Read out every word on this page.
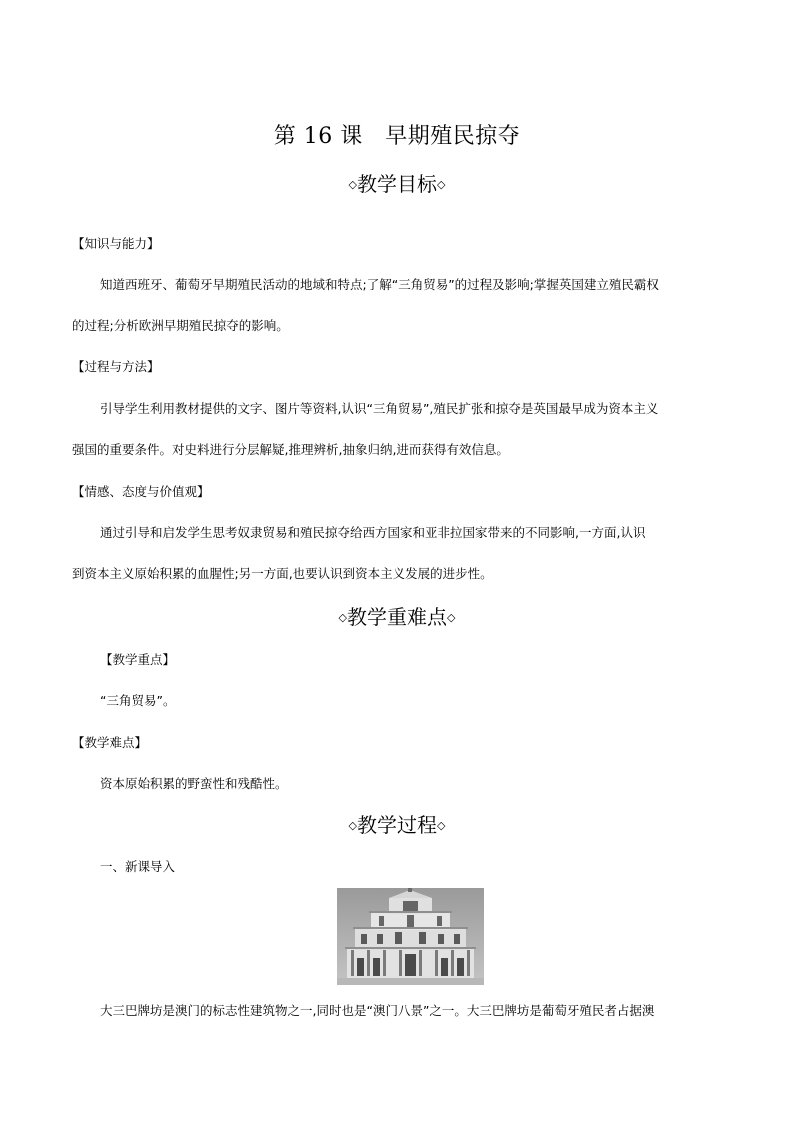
第 16 课　早期殖民掠夺
◇教学目标◇
【知识与能力】
知道西班牙、葡萄牙早期殖民活动的地域和特点;了解“三角贸易”的过程及影响;掌握英国建立殖民霸权
的过程;分析欧洲早期殖民掠夺的影响。
【过程与方法】
引导学生利用教材提供的文字、图片等资料,认识“三角贸易”,殖民扩张和掠夺是英国最早成为资本主义
强国的重要条件。对史料进行分层解疑,推理辨析,抽象归纳,进而获得有效信息。
【情感、态度与价值观】
通过引导和启发学生思考奴隶贸易和殖民掠夺给西方国家和亚非拉国家带来的不同影响,一方面,认识
到资本主义原始积累的血腥性;另一方面,也要认识到资本主义发展的进步性。
◇教学重难点◇
【教学重点】
“三角贸易”。
【教学难点】
资本原始积累的野蛮性和残酷性。
◇教学过程◇
一、新课导入
大三巴牌坊是澳门的标志性建筑物之一,同时也是“澳门八景”之一。大三巴牌坊是葡萄牙殖民者占据澳
